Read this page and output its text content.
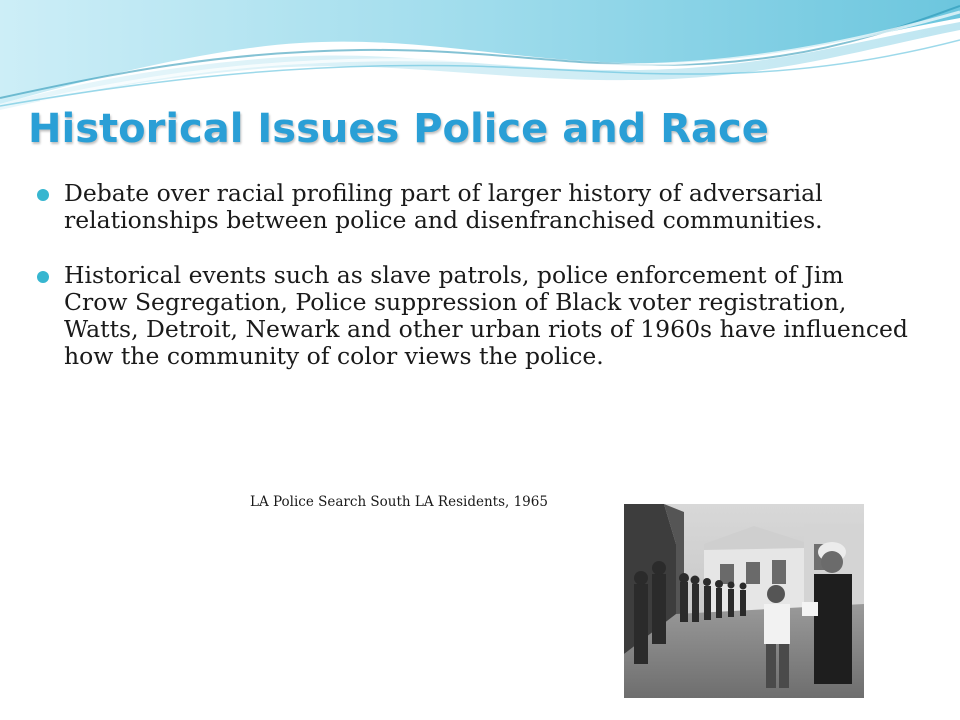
Historical Issues Police and Race
Debate over racial profiling part of larger history of adversarial relationships between police and disenfranchised communities.
Historical events such as slave patrols, police enforcement of Jim Crow Segregation, Police suppression of Black voter registration, Watts, Detroit, Newark and other urban riots of 1960s have influenced how the community of color views the police.
LA Police Search South LA Residents, 1965
